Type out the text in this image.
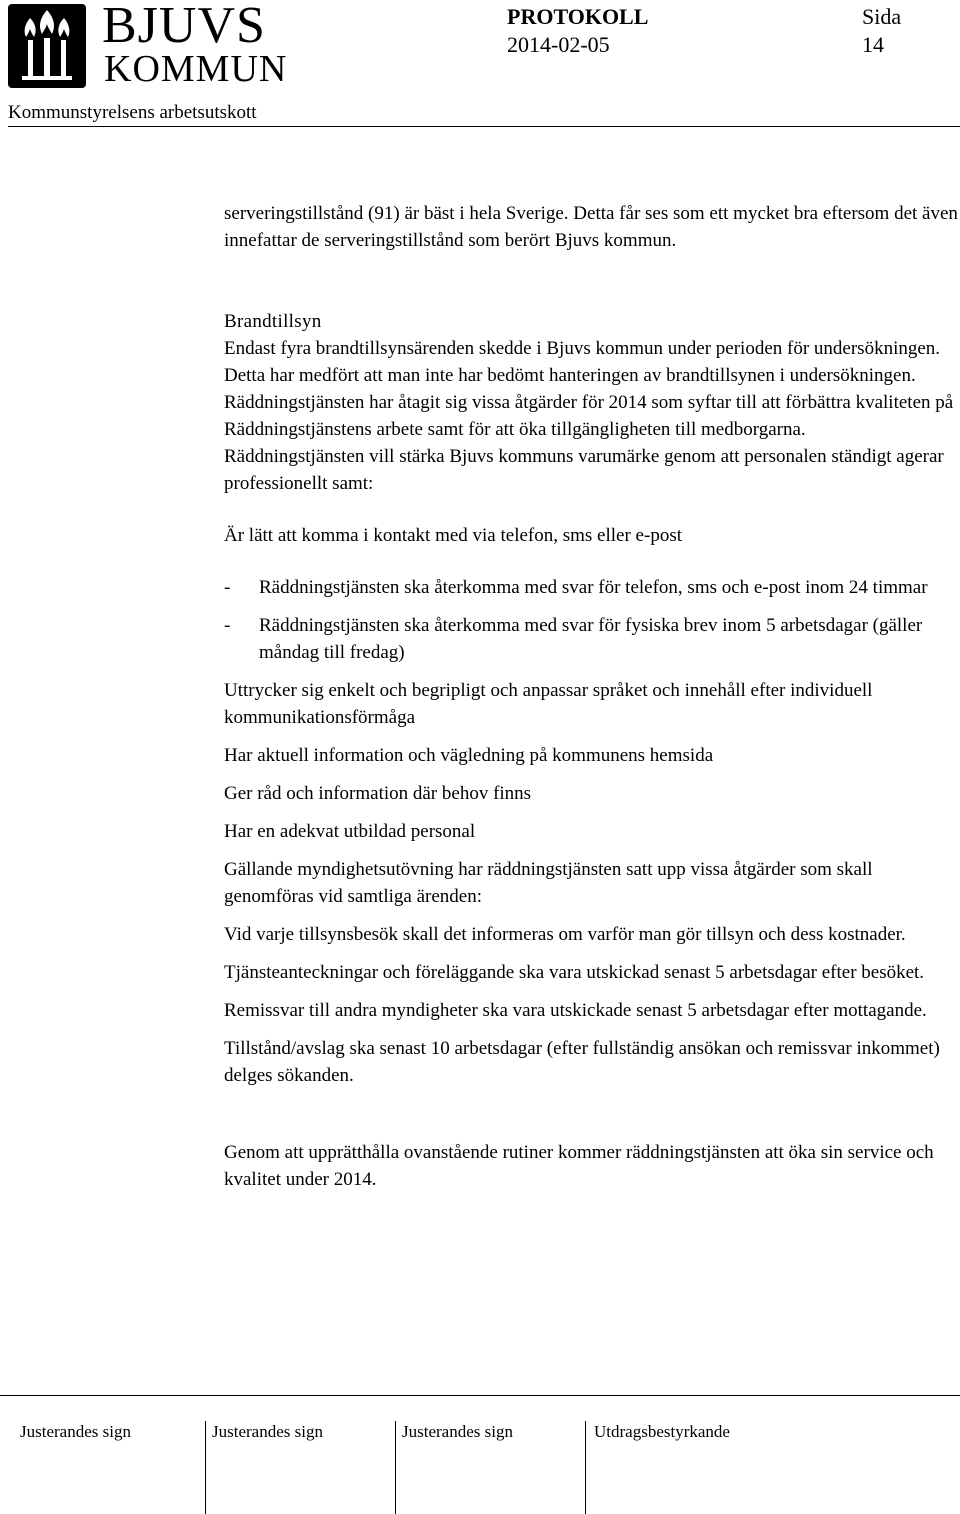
BJUVS
KOMMUN
PROTOKOLL
2014-02-05
Sida
14
Kommunstyrelsens arbetsutskott

serveringstillstånd (91) är bäst i hela Sverige. Detta får ses som ett mycket bra eftersom det även innefattar de serveringstillstånd som berört Bjuvs kommun.

Brandtillsyn

Endast fyra brandtillsynsärenden skedde i Bjuvs kommun under perioden för undersökningen. Detta har medfört att man inte har bedömt hanteringen av brandtillsynen i undersökningen.

Räddningstjänsten har åtagit sig vissa åtgärder för 2014 som syftar till att förbättra kvaliteten på Räddningstjänstens arbete samt för att öka tillgängligheten till medborgarna.

Räddningstjänsten vill stärka Bjuvs kommuns varumärke genom att personalen ständigt agerar professionellt samt:

Är lätt att komma i kontakt med via telefon, sms eller e-post

- Räddningstjänsten ska återkomma med svar för telefon, sms och e-post inom 24 timmar
- Räddningstjänsten ska återkomma med svar för fysiska brev inom 5 arbetsdagar (gäller måndag till fredag)

Uttrycker sig enkelt och begripligt och anpassar språket och innehåll efter individuell kommunikationsförmåga

Har aktuell information och vägledning på kommunens hemsida

Ger råd och information där behov finns

Har en adekvat utbildad personal

Gällande myndighetsutövning har räddningstjänsten satt upp vissa åtgärder som skall genomföras vid samtliga ärenden:

Vid varje tillsynsbesök skall det informeras om varför man gör tillsyn och dess kostnader.

Tjänsteanteckningar och föreläggande ska vara utskickad senast 5 arbetsdagar efter besöket.

Remissvar till andra myndigheter ska vara utskickade senast 5 arbetsdagar efter mottagande.

Tillstånd/avslag ska senast 10 arbetsdagar (efter fullständig ansökan och remissvar inkommet) delges sökanden.

Genom att upprätthålla ovanstående rutiner kommer räddningstjänsten att öka sin service och kvalitet under 2014.

Justerandes sign	Justerandes sign	Justerandes sign	Utdragsbestyrkande
